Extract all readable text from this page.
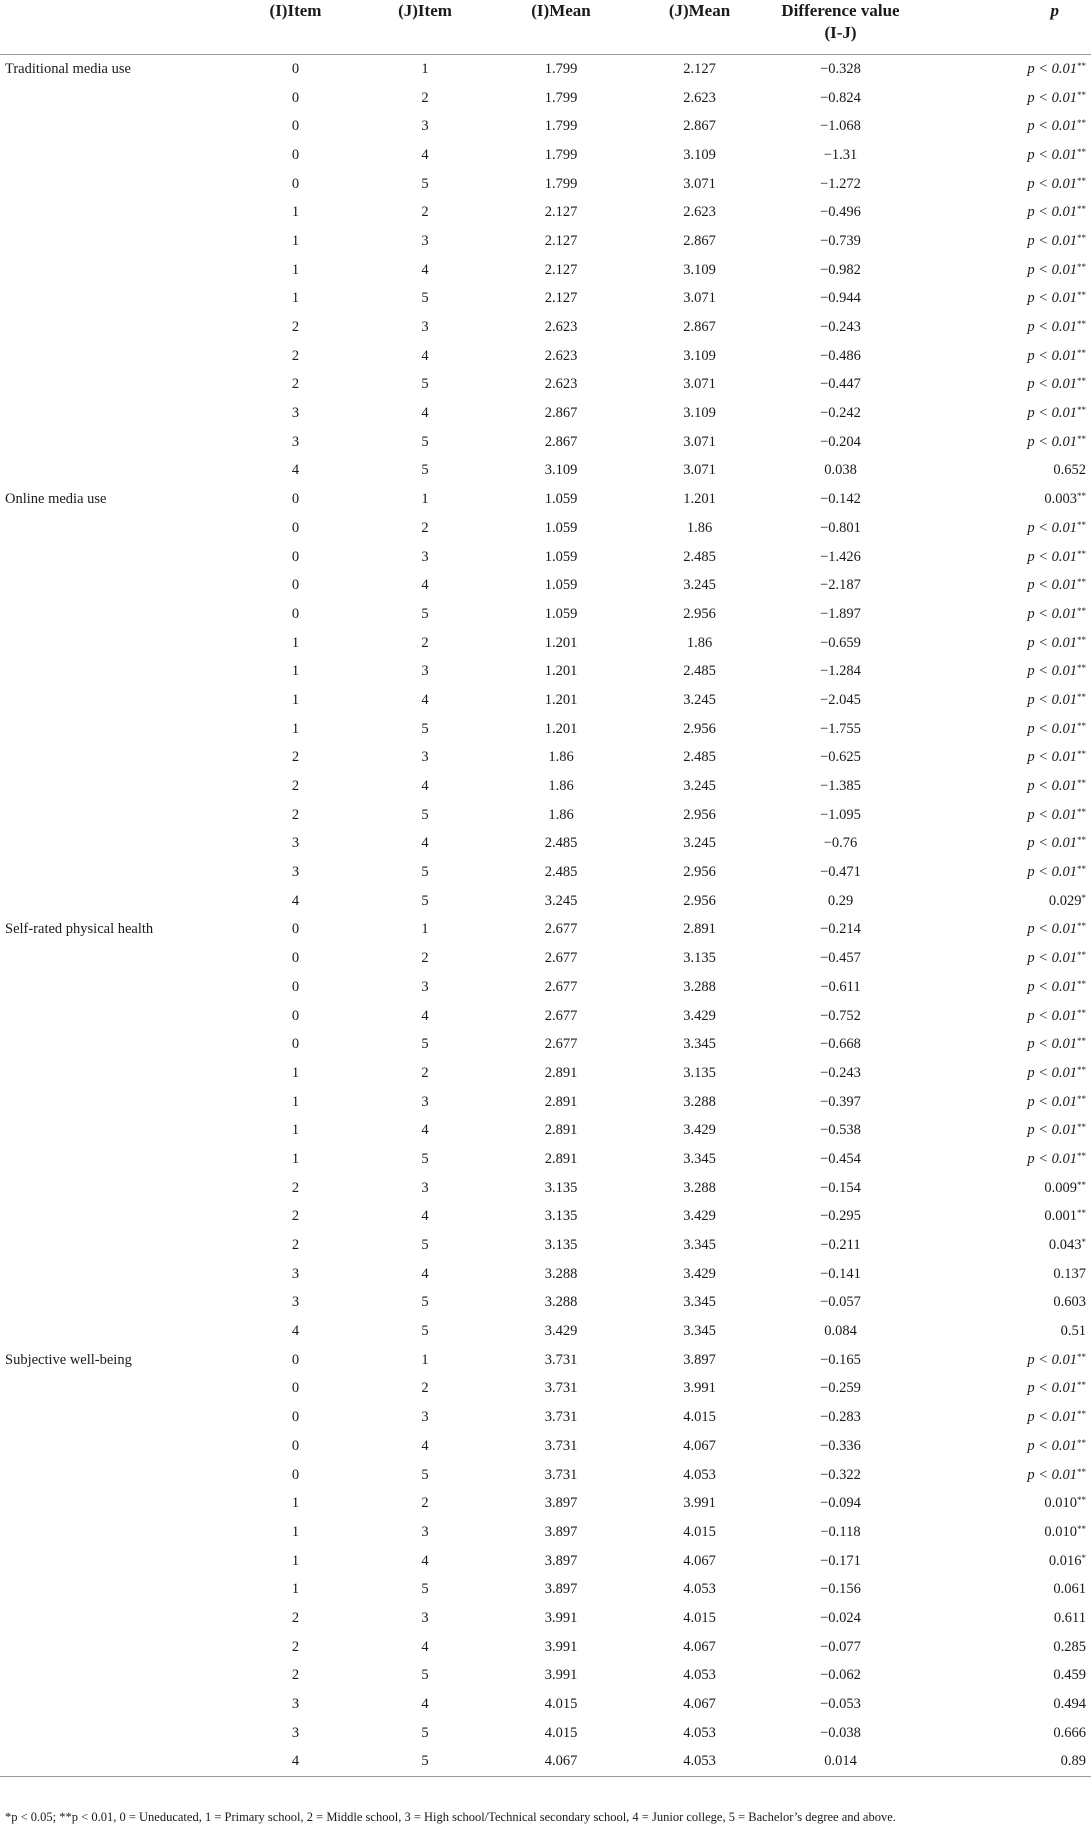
	(I)Item	(J)Item	(I)Mean	(J)Mean	Difference value (I-J)	p
Traditional media use	0	1	1.799	2.127	−0.328	p < 0.01**
	0	2	1.799	2.623	−0.824	p < 0.01**
	0	3	1.799	2.867	−1.068	p < 0.01**
	0	4	1.799	3.109	−1.31	p < 0.01**
	0	5	1.799	3.071	−1.272	p < 0.01**
	1	2	2.127	2.623	−0.496	p < 0.01**
	1	3	2.127	2.867	−0.739	p < 0.01**
	1	4	2.127	3.109	−0.982	p < 0.01**
	1	5	2.127	3.071	−0.944	p < 0.01**
	2	3	2.623	2.867	−0.243	p < 0.01**
	2	4	2.623	3.109	−0.486	p < 0.01**
	2	5	2.623	3.071	−0.447	p < 0.01**
	3	4	2.867	3.109	−0.242	p < 0.01**
	3	5	2.867	3.071	−0.204	p < 0.01**
	4	5	3.109	3.071	0.038	0.652
Online media use	0	1	1.059	1.201	−0.142	0.003**
	0	2	1.059	1.86	−0.801	p < 0.01**
	0	3	1.059	2.485	−1.426	p < 0.01**
	0	4	1.059	3.245	−2.187	p < 0.01**
	0	5	1.059	2.956	−1.897	p < 0.01**
	1	2	1.201	1.86	−0.659	p < 0.01**
	1	3	1.201	2.485	−1.284	p < 0.01**
	1	4	1.201	3.245	−2.045	p < 0.01**
	1	5	1.201	2.956	−1.755	p < 0.01**
	2	3	1.86	2.485	−0.625	p < 0.01**
	2	4	1.86	3.245	−1.385	p < 0.01**
	2	5	1.86	2.956	−1.095	p < 0.01**
	3	4	2.485	3.245	−0.76	p < 0.01**
	3	5	2.485	2.956	−0.471	p < 0.01**
	4	5	3.245	2.956	0.29	0.029*
Self-rated physical health	0	1	2.677	2.891	−0.214	p < 0.01**
	0	2	2.677	3.135	−0.457	p < 0.01**
	0	3	2.677	3.288	−0.611	p < 0.01**
	0	4	2.677	3.429	−0.752	p < 0.01**
	0	5	2.677	3.345	−0.668	p < 0.01**
	1	2	2.891	3.135	−0.243	p < 0.01**
	1	3	2.891	3.288	−0.397	p < 0.01**
	1	4	2.891	3.429	−0.538	p < 0.01**
	1	5	2.891	3.345	−0.454	p < 0.01**
	2	3	3.135	3.288	−0.154	0.009**
	2	4	3.135	3.429	−0.295	0.001**
	2	5	3.135	3.345	−0.211	0.043*
	3	4	3.288	3.429	−0.141	0.137
	3	5	3.288	3.345	−0.057	0.603
	4	5	3.429	3.345	0.084	0.51
Subjective well-being	0	1	3.731	3.897	−0.165	p < 0.01**
	0	2	3.731	3.991	−0.259	p < 0.01**
	0	3	3.731	4.015	−0.283	p < 0.01**
	0	4	3.731	4.067	−0.336	p < 0.01**
	0	5	3.731	4.053	−0.322	p < 0.01**
	1	2	3.897	3.991	−0.094	0.010**
	1	3	3.897	4.015	−0.118	0.010**
	1	4	3.897	4.067	−0.171	0.016*
	1	5	3.897	4.053	−0.156	0.061
	2	3	3.991	4.015	−0.024	0.611
	2	4	3.991	4.067	−0.077	0.285
	2	5	3.991	4.053	−0.062	0.459
	3	4	4.015	4.067	−0.053	0.494
	3	5	4.015	4.053	−0.038	0.666
	4	5	4.067	4.053	0.014	0.89
*p < 0.05; **p < 0.01, 0 = Uneducated, 1 = Primary school, 2 = Middle school, 3 = High school/Technical secondary school, 4 = Junior college, 5 = Bachelor’s degree and above.
